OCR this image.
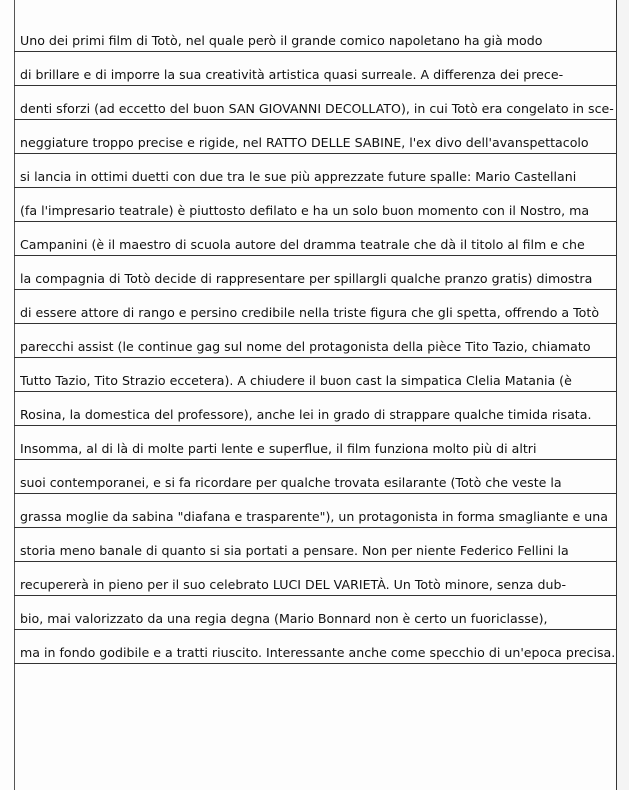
Uno dei primi film di Totò, nel quale però il grande comico napoletano ha già modo
di brillare e di imporre la sua creatività artistica quasi surreale. A differenza dei prece-
denti sforzi (ad eccetto del buon SAN GIOVANNI DECOLLATO), in cui Totò era congelato in sce-
neggiature troppo precise e rigide, nel RATTO DELLE SABINE, l'ex divo dell'avanspettacolo
si lancia in ottimi duetti con due tra le sue più apprezzate future spalle: Mario Castellani
(fa l'impresario teatrale) è piuttosto defilato e ha un solo buon momento con il Nostro, ma
Campanini (è il maestro di scuola autore del dramma teatrale che dà il titolo al film e che
la compagnia di Totò decide di rappresentare per spillargli qualche pranzo gratis) dimostra
di essere attore di rango e persino credibile nella triste figura che gli spetta, offrendo a Totò
parecchi assist (le continue gag sul nome del protagonista della pièce Tito Tazio, chiamato
Tutto Tazio, Tito Strazio eccetera). A chiudere il buon cast la simpatica Clelia Matania (è
Rosina, la domestica del professore), anche lei in grado di strappare qualche timida risata.
Insomma, al di là di molte parti lente e superflue, il film funziona molto più di altri
suoi contemporanei, e si fa ricordare per qualche trovata esilarante (Totò che veste la
grassa moglie da sabina "diafana e trasparente"), un protagonista in forma smagliante e una
storia meno banale di quanto si sia portati a pensare. Non per niente Federico Fellini la
recupererà in pieno per il suo celebrato LUCI DEL VARIETÀ. Un Totò minore, senza dub-
bio, mai valorizzato da una regia degna (Mario Bonnard non è certo un fuoriclasse),
ma in fondo godibile e a tratti riuscito. Interessante anche come specchio di un'epoca precisa.
